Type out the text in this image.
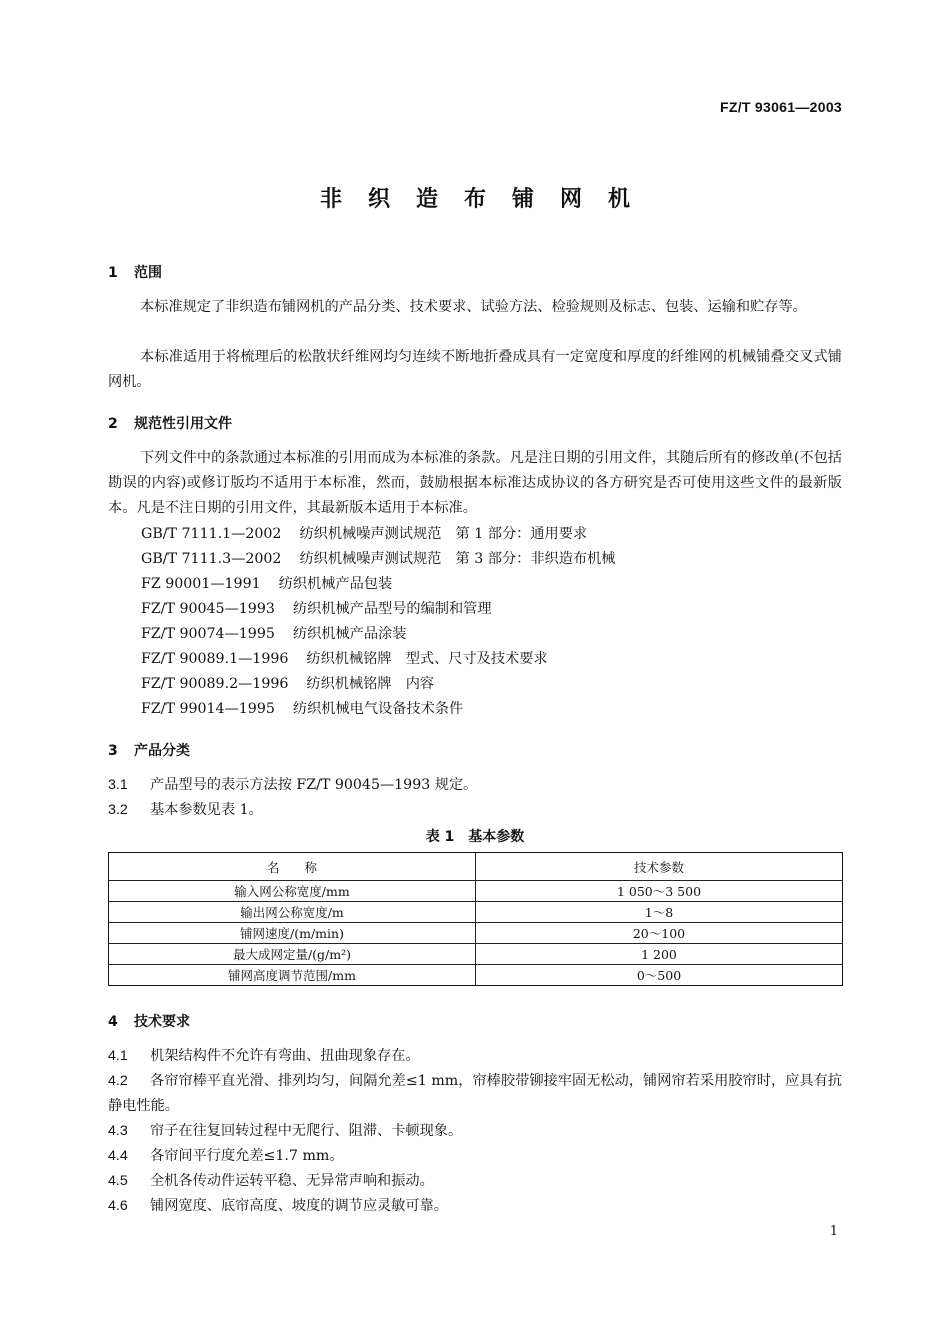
FZ/T 93061—2003
非织造布铺网机
1 范围
本标准规定了非织造布铺网机的产品分类、技术要求、试验方法、检验规则及标志、包装、运输和贮存等。
本标准适用于将梳理后的松散状纤维网均匀连续不断地折叠成具有一定宽度和厚度的纤维网的机械铺叠交叉式铺网机。
2 规范性引用文件
下列文件中的条款通过本标准的引用而成为本标准的条款。凡是注日期的引用文件，其随后所有的修改单(不包括勘误的内容)或修订版均不适用于本标准，然而，鼓励根据本标准达成协议的各方研究是否可使用这些文件的最新版本。凡是不注日期的引用文件，其最新版本适用于本标准。
GB/T 7111.1—2002 纺织机械噪声测试规范　第 1 部分：通用要求
GB/T 7111.3—2002 纺织机械噪声测试规范　第 3 部分：非织造布机械
FZ 90001—1991 纺织机械产品包装
FZ/T 90045—1993 纺织机械产品型号的编制和管理
FZ/T 90074—1995 纺织机械产品涂装
FZ/T 90089.1—1996 纺织机械铭牌　型式、尺寸及技术要求
FZ/T 90089.2—1996 纺织机械铭牌　内容
FZ/T 99014—1995 纺织机械电气设备技术条件
3 产品分类
3.1 产品型号的表示方法按 FZ/T 90045—1993 规定。
3.2 基本参数见表 1。
表 1　基本参数
名　　称	技术参数
输入网公称宽度/mm	1 050～3 500
输出网公称宽度/m	1～8
铺网速度/(m/min)	20～100
最大成网定量/(g/m²)	1 200
铺网高度调节范围/mm	0～500
4 技术要求
4.1 机架结构件不允许有弯曲、扭曲现象存在。
4.2 各帘帘棒平直光滑、排列均匀，间隔允差≤1 mm，帘棒胶带铆接牢固无松动，铺网帘若采用胶帘时，应具有抗静电性能。
4.3 帘子在往复回转过程中无爬行、阻滞、卡顿现象。
4.4 各帘间平行度允差≤1.7 mm。
4.5 全机各传动件运转平稳、无异常声响和振动。
4.6 铺网宽度、底帘高度、坡度的调节应灵敏可靠。
1
